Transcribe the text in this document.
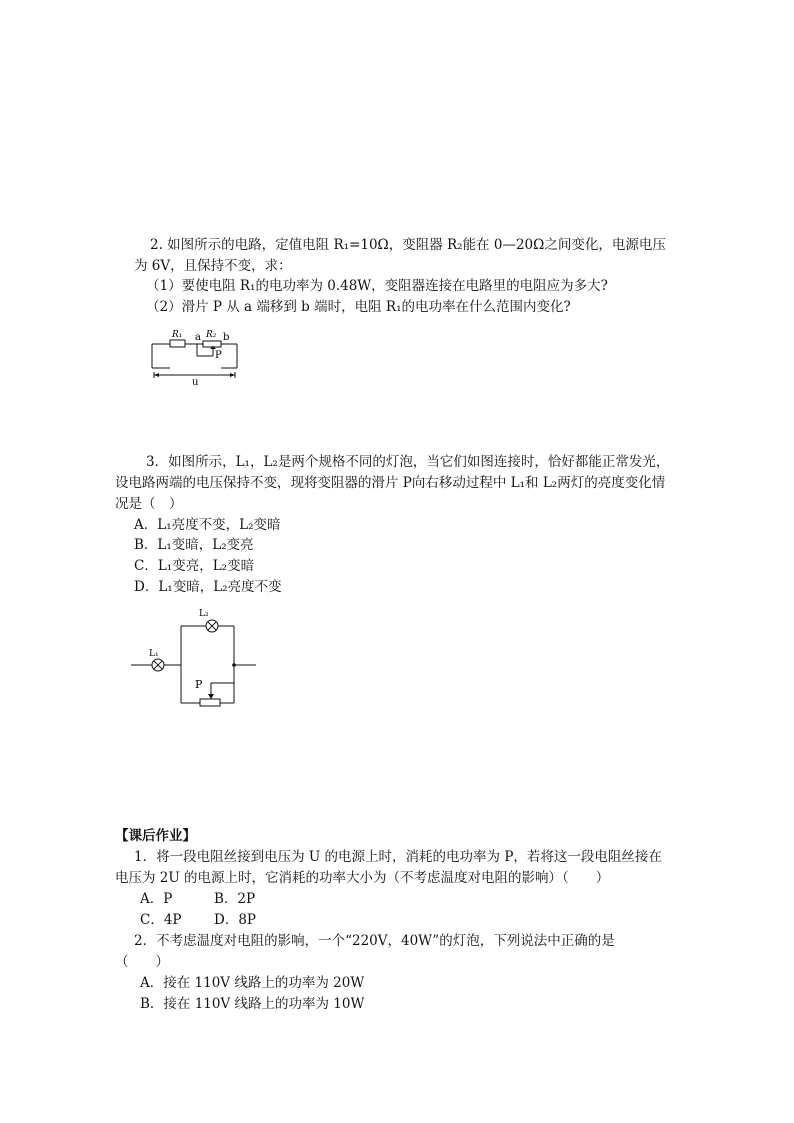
2. 如图所示的电路，定值电阻 R₁=10Ω，变阻器 R₂能在 0—20Ω之间变化，电源电压
为 6V，且保持不变，求：
（1）要使电阻 R₁的电功率为 0.48W，变阻器连接在电路里的电阻应为多大?
（2）滑片 P 从 a 端移到 b 端时，电阻 R₁的电功率在什么范围内变化?
R₁ a R₂ b
P
u
3．如图所示，L₁，L₂是两个规格不同的灯泡，当它们如图连接时，恰好都能正常发光，
设电路两端的电压保持不变，现将变阻器的滑片 P向右移动过程中 L₁和 L₂两灯的亮度变化情
况是（　）
A．L₁亮度不变，L₂变暗
B．L₁变暗，L₂变亮
C．L₁变亮，L₂变暗
D．L₁变暗，L₂亮度不变
L₁
L₂
P
【课后作业】
1．将一段电阻丝接到电压为 U 的电源上时，消耗的电功率为 P，若将这一段电阻丝接在
电压为 2U 的电源上时，它消耗的功率大小为（不考虑温度对电阻的影响）（　　）
A．P	B．2P
C．4P D．8P
2．不考虑温度对电阻的影响，一个“220V，40W”的灯泡，下列说法中正确的是
（　　）
A．接在 110V 线路上的功率为 20W
B．接在 110V 线路上的功率为 10W
